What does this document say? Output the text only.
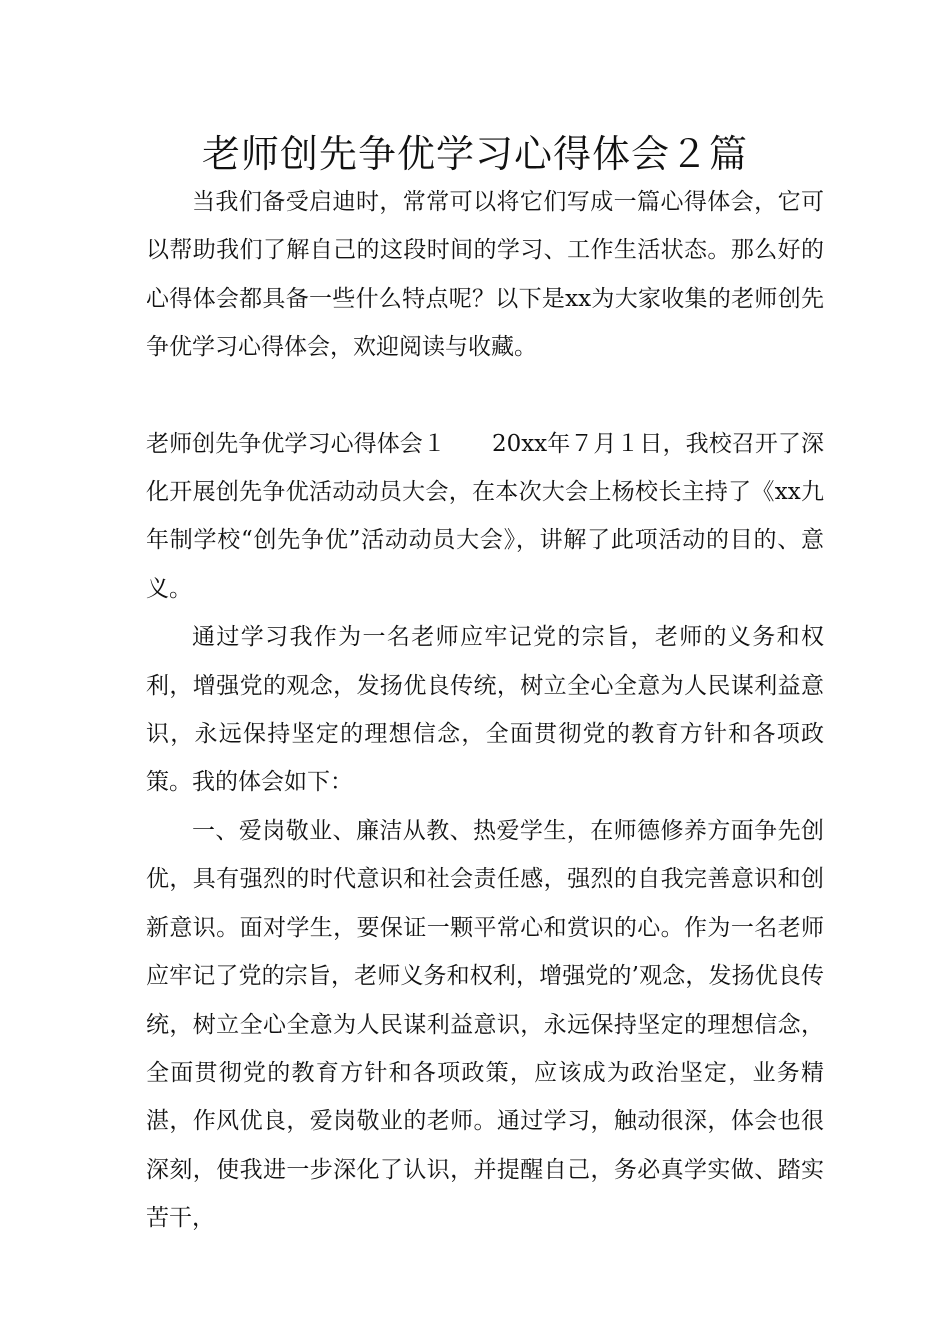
老师创先争优学习心得体会２篇

当我们备受启迪时，常常可以将它们写成一篇心得体会，它可以帮助我们了解自己的这段时间的学习、工作生活状态。那么好的心得体会都具备一些什么特点呢？以下是xx为大家收集的老师创先争优学习心得体会，欢迎阅读与收藏。

老师创先争优学习心得体会１ 20xx年７月１日，我校召开了深化开展创先争优活动动员大会，在本次大会上杨校长主持了《xx九年制学校“创先争优”活动动员大会》，讲解了此项活动的目的、意义。

通过学习我作为一名老师应牢记党的宗旨，老师的义务和权利，增强党的观念，发扬优良传统，树立全心全意为人民谋利益意识，永远保持坚定的理想信念，全面贯彻党的教育方针和各项政策。我的体会如下：

一、爱岗敬业、廉洁从教、热爱学生，在师德修养方面争先创优，具有强烈的时代意识和社会责任感，强烈的自我完善意识和创新意识。面对学生，要保证一颗平常心和赏识的心。作为一名老师应牢记了党的宗旨，老师义务和权利，增强党的’观念，发扬优良传统，树立全心全意为人民谋利益意识，永远保持坚定的理想信念，全面贯彻党的教育方针和各项政策，应该成为政治坚定，业务精湛，作风优良，爱岗敬业的老师。通过学习，触动很深，体会也很深刻，使我进一步深化了认识，并提醒自己，务必真学实做、踏实苦干，
